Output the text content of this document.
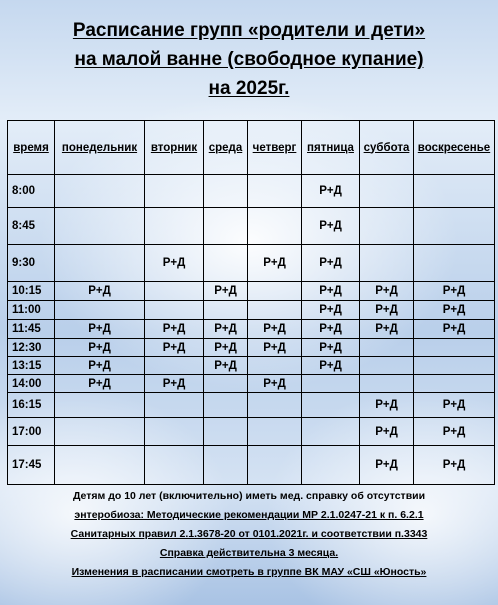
Расписание групп «родители и дети»
на малой ванне (свободное купание)
на 2025г.
время	понедельник	вторник	среда	четверг	пятница	суббота	воскресенье
8:00					Р+Д		
8:45					Р+Д		
9:30		Р+Д		Р+Д	Р+Д		
10:15	Р+Д		Р+Д		Р+Д	Р+Д	Р+Д
11:00					Р+Д	Р+Д	Р+Д
11:45	Р+Д	Р+Д	Р+Д	Р+Д	Р+Д	Р+Д	Р+Д
12:30	Р+Д	Р+Д	Р+Д	Р+Д	Р+Д		
13:15	Р+Д		Р+Д		Р+Д		
14:00	Р+Д	Р+Д		Р+Д			
16:15						Р+Д	Р+Д
17:00						Р+Д	Р+Д
17:45						Р+Д	Р+Д
Детям до 10 лет (включительно) иметь мед. справку об отсутствии
энтеробиоза: Методические рекомендации МР 2.1.0247-21 к п. 6.2.1
Санитарных правил 2.1.3678-20 от 0101.2021г. и соответствии п.3343
Справка действительна 3 месяца.
Изменения в расписании смотреть в группе ВК МАУ «СШ «Юность»
